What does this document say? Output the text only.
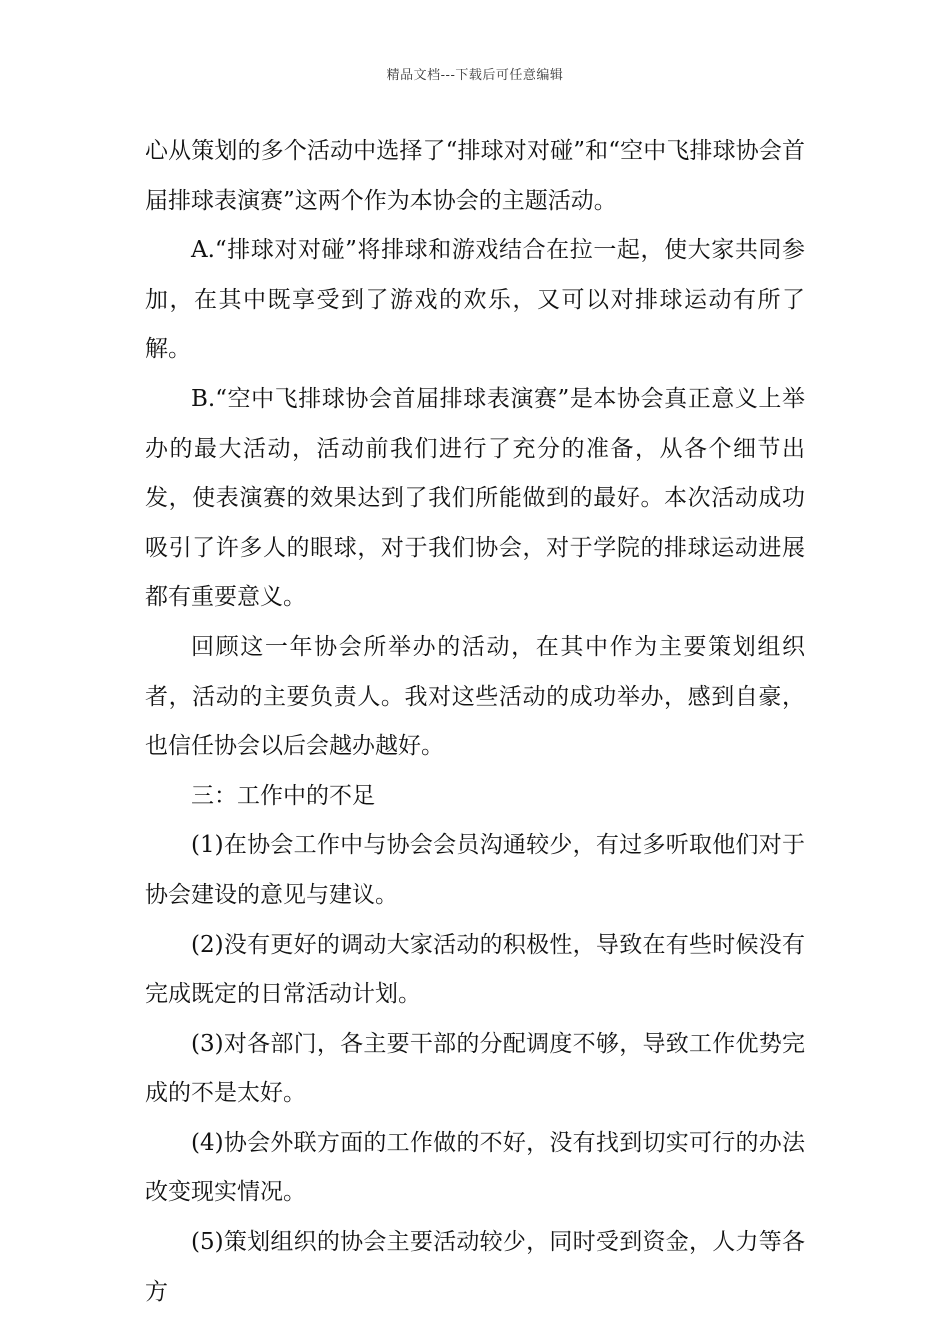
精品文档---下载后可任意编辑

心从策划的多个活动中选择了“排球对对碰”和“空中飞排球协会首届排球表演赛”这两个作为本协会的主题活动。

A.“排球对对碰”将排球和游戏结合在拉一起，使大家共同参加，在其中既享受到了游戏的欢乐，又可以对排球运动有所了解。

B.“空中飞排球协会首届排球表演赛”是本协会真正意义上举办的最大活动，活动前我们进行了充分的准备，从各个细节出发，使表演赛的效果达到了我们所能做到的最好。本次活动成功吸引了许多人的眼球，对于我们协会，对于学院的排球运动进展都有重要意义。

回顾这一年协会所举办的活动，在其中作为主要策划组织者，活动的主要负责人。我对这些活动的成功举办，感到自豪，也信任协会以后会越办越好。

三：工作中的不足

(1)在协会工作中与协会会员沟通较少，有过多听取他们对于协会建设的意见与建议。

(2)没有更好的调动大家活动的积极性，导致在有些时候没有完成既定的日常活动计划。

(3)对各部门，各主要干部的分配调度不够，导致工作优势完成的不是太好。

(4)协会外联方面的工作做的不好，没有找到切实可行的办法改变现实情况。

(5)策划组织的协会主要活动较少，同时受到资金，人力等各方
